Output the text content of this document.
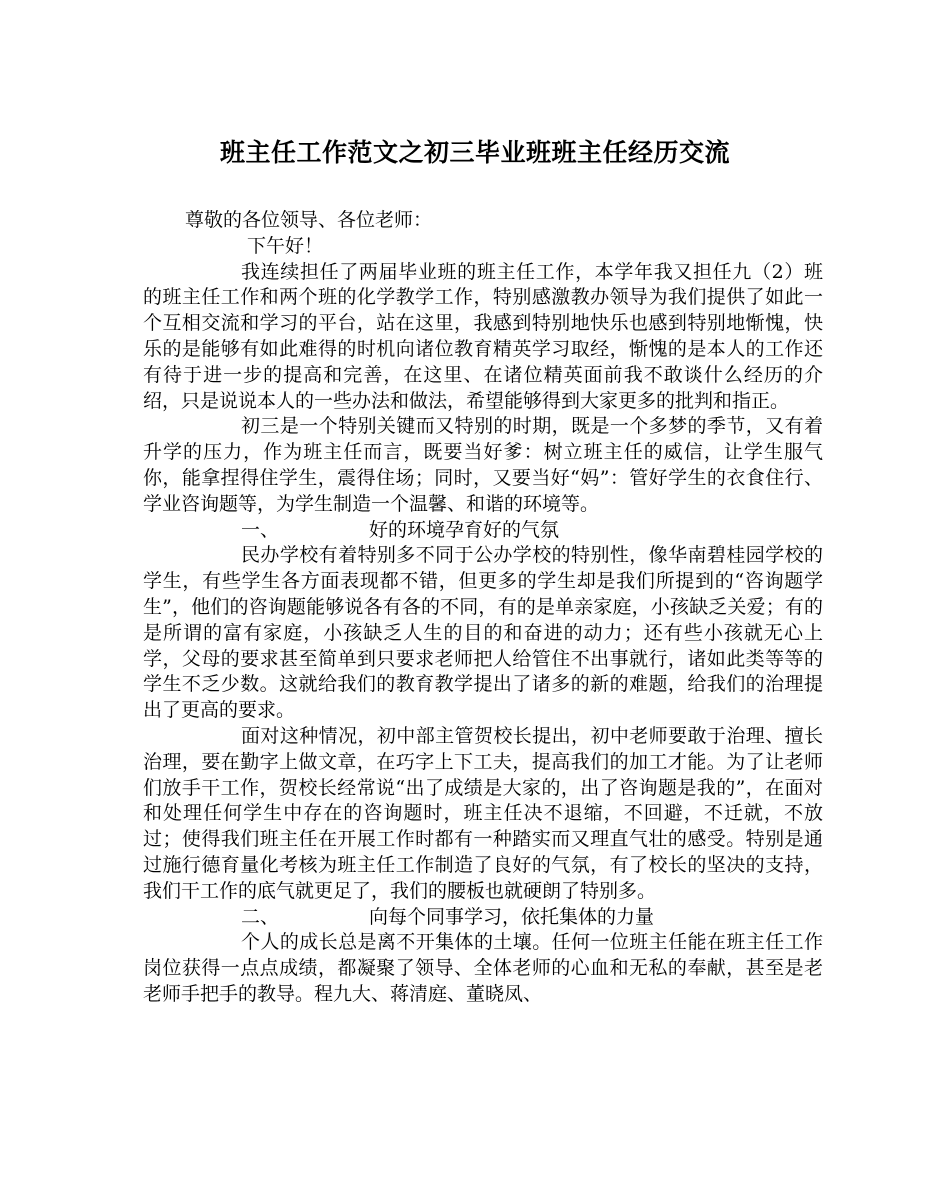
班主任工作范文之初三毕业班班主任经历交流

尊敬的各位领导、各位老师：

下午好！

我连续担任了两届毕业班的班主任工作，本学年我又担任九（2）班的班主任工作和两个班的化学教学工作，特别感激教办领导为我们提供了如此一个互相交流和学习的平台，站在这里，我感到特别地快乐也感到特别地惭愧，快乐的是能够有如此难得的时机向诸位教育精英学习取经，惭愧的是本人的工作还有待于进一步的提高和完善，在这里、在诸位精英面前我不敢谈什么经历的介绍，只是说说本人的一些办法和做法，希望能够得到大家更多的批判和指正。

初三是一个特别关键而又特别的时期，既是一个多梦的季节，又有着升学的压力，作为班主任而言，既要当好爹：树立班主任的威信，让学生服气你，能拿捏得住学生，震得住场；同时，又要当好“妈”：管好学生的衣食住行、学业咨询题等，为学生制造一个温馨、和谐的环境等。

一、	好的环境孕育好的气氛

民办学校有着特别多不同于公办学校的特别性，像华南碧桂园学校的学生，有些学生各方面表现都不错，但更多的学生却是我们所提到的“咨询题学生”，他们的咨询题能够说各有各的不同，有的是单亲家庭，小孩缺乏关爱；有的是所谓的富有家庭，小孩缺乏人生的目的和奋进的动力；还有些小孩就无心上学，父母的要求甚至简单到只要求老师把人给管住不出事就行，诸如此类等等的学生不乏少数。这就给我们的教育教学提出了诸多的新的难题，给我们的治理提出了更高的要求。

面对这种情况，初中部主管贺校长提出，初中老师要敢于治理、擅长治理，要在勤字上做文章，在巧字上下工夫，提高我们的加工才能。为了让老师们放手干工作，贺校长经常说“出了成绩是大家的，出了咨询题是我的”，在面对和处理任何学生中存在的咨询题时，班主任决不退缩，不回避，不迁就，不放过；使得我们班主任在开展工作时都有一种踏实而又理直气壮的感受。特别是通过施行德育量化考核为班主任工作制造了良好的气氛，有了校长的坚决的支持，我们干工作的底气就更足了，我们的腰板也就硬朗了特别多。

二、	向每个同事学习，依托集体的力量

个人的成长总是离不开集体的土壤。任何一位班主任能在班主任工作岗位获得一点点成绩，都凝聚了领导、全体老师的心血和无私的奉献，甚至是老老师手把手的教导。程九大、蒋清庭、董晓凤、
